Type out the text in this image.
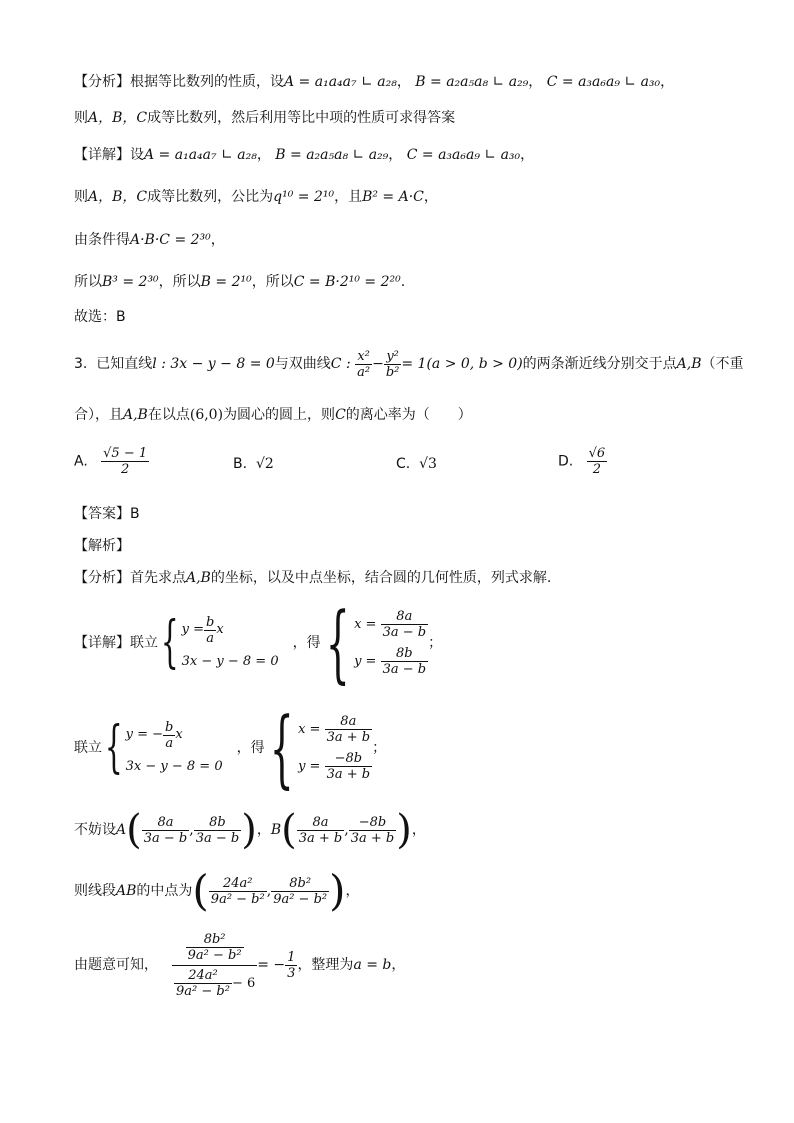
【分析】根据等比数列的性质，设A = a₁a₄a₇ ∟ a₂₈， B = a₂a₅a₈ ∟ a₂₉， C = a₃a₆a₉ ∟ a₃₀，
则A，B，C成等比数列，然后利用等比中项的性质可求得答案
【详解】设A = a₁a₄a₇ ∟ a₂₈， B = a₂a₅a₈ ∟ a₂₉， C = a₃a₆a₉ ∟ a₃₀，
则A，B，C成等比数列，公比为q¹⁰ = 2¹⁰，且B² = A·C，
由条件得A·B·C = 2³⁰，
所以B³ = 2³⁰，所以B = 2¹⁰，所以C = B·2¹⁰ = 2²⁰.
故选：B
3. 已知直线l : 3x − y − 8 = 0与双曲线C : $\frac{\text{x²}}{\text{a²}} - \frac{\text{y²}}{\text{b²}} = 1(a > 0$, b > 0)的两条渐近线分别交于点A,B（不重
合），且A,B在以点(6,0)为圆心的圆上，则C的离心率为（　　）
A. $\frac{√5 - 1}{2}$	B. √2	C. √3	D. $\frac{√6}{2}$
【答案】B
【解析】
【分析】首先求点A,B的坐标，以及中点坐标，结合圆的几何性质，列式求解.
【详解】 联立 { $y = \frac{b}{a}$ x
3x − y − 8 = 0
，得 { x =
$\frac{8a}{3a - b}$
y =
$\frac{8b}{3a - b}$
；
联立 { y = − $\frac{b}{a}$ x
3x − y − 8 = 0
，得 { x =
$\frac{8a}{3a + b}$
y =
$\frac{-8b}{3a + b}$
；
不妨设 A ( $\frac{8a}{3a - b}$ , $\frac{8b}{3a - b}$ ) ， B ( $\frac{8a}{3a + b}$ , $\frac{-8b}{3a + b}$ ) ，
则线段 AB 的中点为 ( $\frac{\text{24a²}}{\text{9a² − b²}}$ , $\frac{\text{8b²}}{\text{9a² − b²}}$ ) ，
由题意可知， $\frac{\frac{\text{8b²}}{\text{9a² − b²}}}{\frac{\text{24a²}}{\text{9a² − b²}} - 6}$ = − $\frac{1}{3}$ ，整理为 a = b ，
